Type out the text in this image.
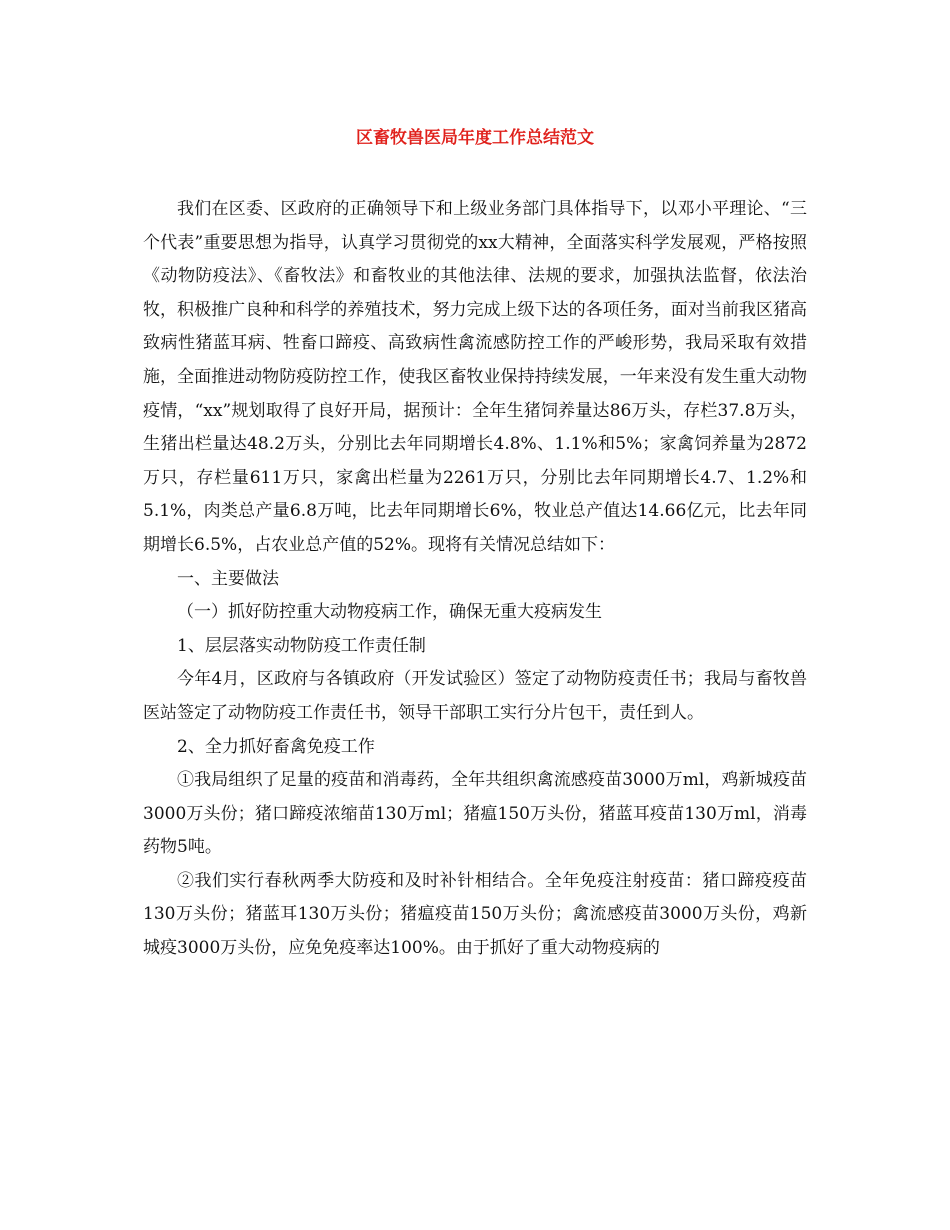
区畜牧兽医局年度工作总结范文

我们在区委、区政府的正确领导下和上级业务部门具体指导下，以邓小平理论、“三个代表”重要思想为指导，认真学习贯彻党的xx大精神，全面落实科学发展观，严格按照《动物防疫法》、《畜牧法》和畜牧业的其他法律、法规的要求，加强执法监督，依法治牧，积极推广良种和科学的养殖技术，努力完成上级下达的各项任务，面对当前我区猪高致病性猪蓝耳病、牲畜口蹄疫、高致病性禽流感防控工作的严峻形势，我局采取有效措施，全面推进动物防疫防控工作，使我区畜牧业保持持续发展，一年来没有发生重大动物疫情，“xx”规划取得了良好开局，据预计：全年生猪饲养量达86万头，存栏37.8万头，生猪出栏量达48.2万头，分别比去年同期增长4.8%、1.1%和5%；家禽饲养量为2872万只，存栏量611万只，家禽出栏量为2261万只，分别比去年同期增长4.7、1.2%和5.1%，肉类总产量6.8万吨，比去年同期增长6%，牧业总产值达14.66亿元，比去年同期增长6.5%，占农业总产值的52%。现将有关情况总结如下：

一、主要做法

（一）抓好防控重大动物疫病工作，确保无重大疫病发生

1、层层落实动物防疫工作责任制

今年4月，区政府与各镇政府（开发试验区）签定了动物防疫责任书；我局与畜牧兽医站签定了动物防疫工作责任书，领导干部职工实行分片包干，责任到人。

2、全力抓好畜禽免疫工作

①我局组织了足量的疫苗和消毒药，全年共组织禽流感疫苗3000万ml，鸡新城疫苗3000万头份；猪口蹄疫浓缩苗130万ml；猪瘟150万头份，猪蓝耳疫苗130万ml，消毒药物5吨。

②我们实行春秋两季大防疫和及时补针相结合。全年免疫注射疫苗：猪口蹄疫疫苗130万头份；猪蓝耳130万头份；猪瘟疫苗150万头份；禽流感疫苗3000万头份，鸡新城疫3000万头份，应免免疫率达100%。由于抓好了重大动物疫病的
